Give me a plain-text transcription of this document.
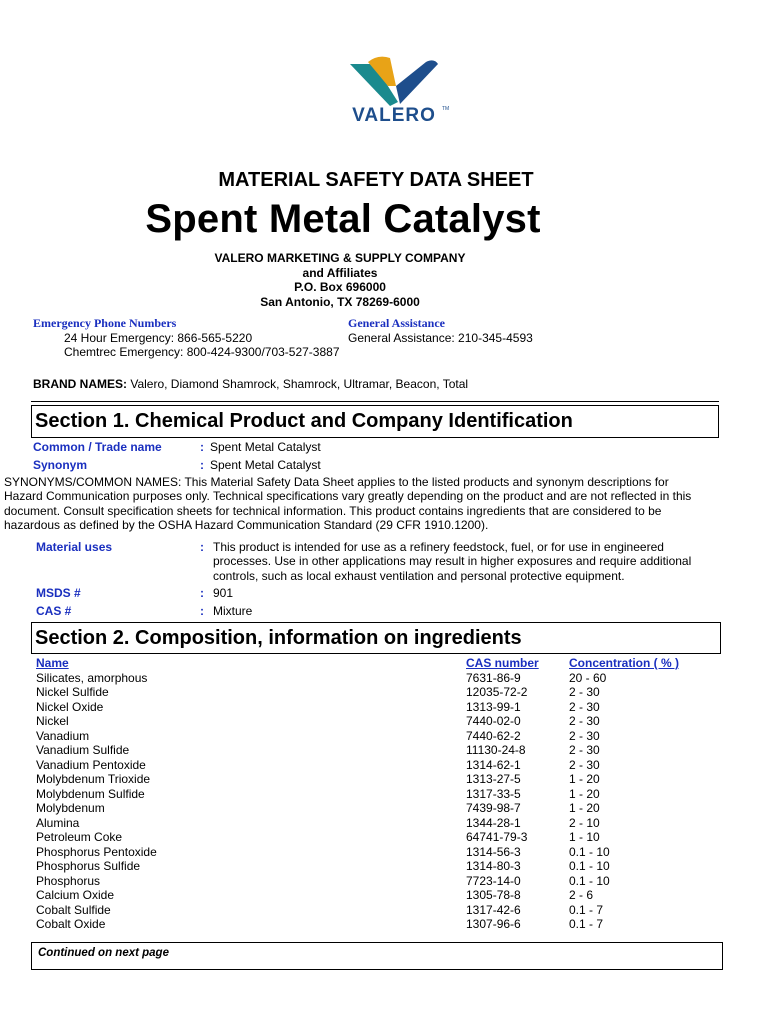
VALERO	TM
MATERIAL SAFETY DATA SHEET
Spent Metal Catalyst
VALERO MARKETING & SUPPLY COMPANY
and Affiliates
P.O. Box 696000
San Antonio, TX 78269-6000
Emergency Phone Numbers
24 Hour Emergency: 866-565-5220
Chemtrec Emergency: 800-424-9300/703-527-3887
General Assistance
General Assistance: 210-345-4593
BRAND NAMES: Valero, Diamond Shamrock, Shamrock, Ultramar, Beacon, Total
Section 1. Chemical Product and Company Identification
Common / Trade name	: Spent Metal Catalyst
Synonym	: Spent Metal Catalyst
SYNONYMS/COMMON NAMES: This Material Safety Data Sheet applies to the listed products and synonym descriptions for Hazard Communication purposes only. Technical specifications vary greatly depending on the product and are not reflected in this document. Consult specification sheets for technical information. This product contains ingredients that are considered to be hazardous as defined by the OSHA Hazard Communication Standard (29 CFR 1910.1200).
Material uses	: This product is intended for use as a refinery feedstock, fuel, or for use in engineered processes. Use in other applications may result in higher exposures and require additional controls, such as local exhaust ventilation and personal protective equipment.
MSDS #	: 901
CAS #	: Mixture
Section 2. Composition, information on ingredients
Name	CAS number	Concentration ( % )
Silicates, amorphous	7631-86-9	20 - 60
Nickel Sulfide	12035-72-2	2 - 30
Nickel Oxide	1313-99-1	2 - 30
Nickel	7440-02-0	2 - 30
Vanadium	7440-62-2	2 - 30
Vanadium Sulfide	11130-24-8	2 - 30
Vanadium Pentoxide	1314-62-1	2 - 30
Molybdenum Trioxide	1313-27-5	1 - 20
Molybdenum Sulfide	1317-33-5	1 - 20
Molybdenum	7439-98-7	1 - 20
Alumina	1344-28-1	2 - 10
Petroleum Coke	64741-79-3	1 - 10
Phosphorus Pentoxide	1314-56-3	0.1 - 10
Phosphorus Sulfide	1314-80-3	0.1 - 10
Phosphorus	7723-14-0	0.1 - 10
Calcium Oxide	1305-78-8	2 - 6
Cobalt Sulfide	1317-42-6	0.1 - 7
Cobalt Oxide	1307-96-6	0.1 - 7
Continued on next page
